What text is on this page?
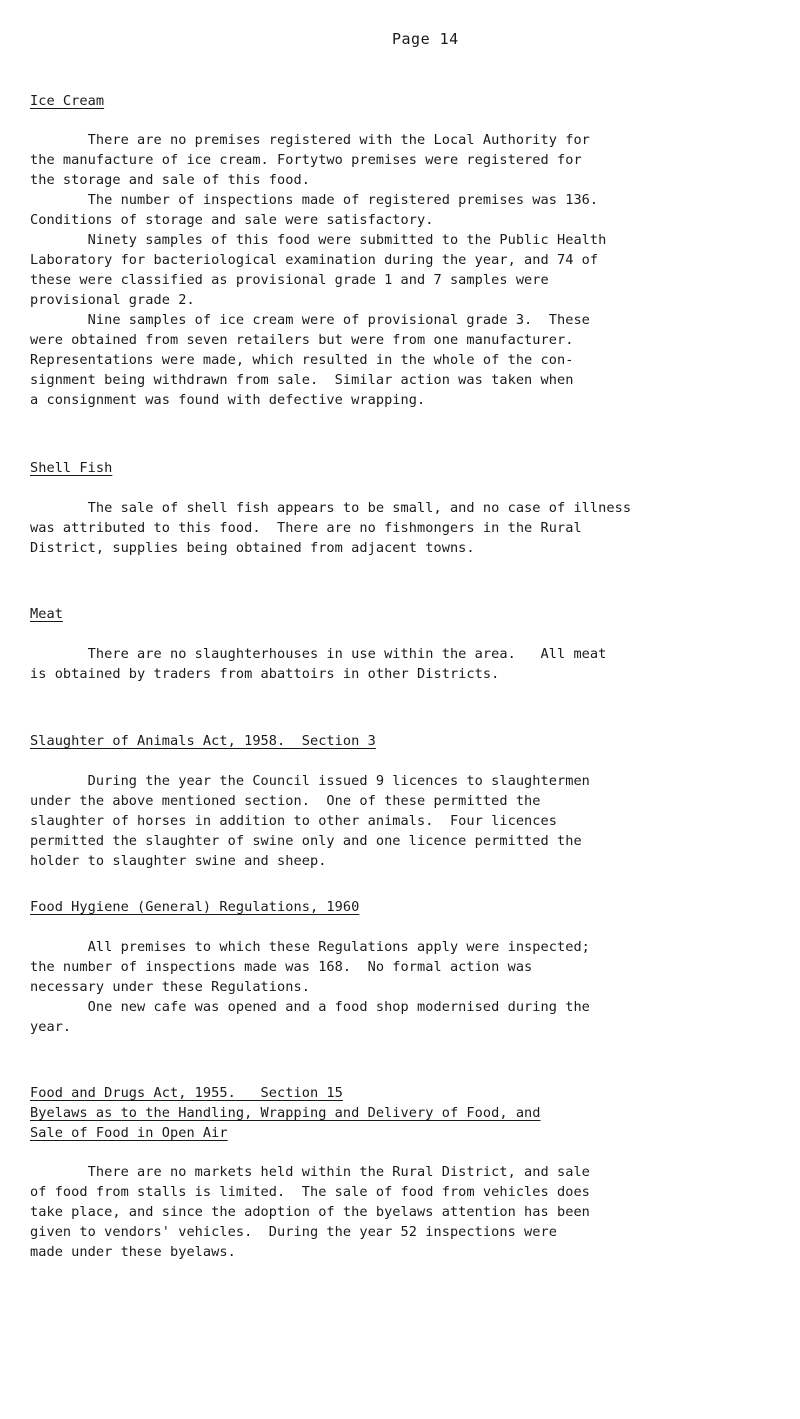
Page 14
Ice Cream
There are no premises registered with the Local Authority for
the manufacture of ice cream. Fortytwo premises were registered for
the storage and sale of this food.
The number of inspections made of registered premises was 136.
Conditions of storage and sale were satisfactory.
Ninety samples of this food were submitted to the Public Health
Laboratory for bacteriological examination during the year, and 74 of
these were classified as provisional grade 1 and 7 samples were
provisional grade 2.
Nine samples of ice cream were of provisional grade 3.  These
were obtained from seven retailers but were from one manufacturer.
Representations were made, which resulted in the whole of the con-
signment being withdrawn from sale.  Similar action was taken when
a consignment was found with defective wrapping.
Shell Fish
The sale of shell fish appears to be small, and no case of illness
was attributed to this food.  There are no fishmongers in the Rural
District, supplies being obtained from adjacent towns.
Meat
There are no slaughterhouses in use within the area.   All meat
is obtained by traders from abattoirs in other Districts.
Slaughter of Animals Act, 1958.  Section 3
During the year the Council issued 9 licences to slaughtermen
under the above mentioned section.  One of these permitted the
slaughter of horses in addition to other animals.  Four licences
permitted the slaughter of swine only and one licence permitted the
holder to slaughter swine and sheep.
Food Hygiene (General) Regulations, 1960
All premises to which these Regulations apply were inspected;
the number of inspections made was 168.  No formal action was
necessary under these Regulations.
One new cafe was opened and a food shop modernised during the
year.
Food and Drugs Act, 1955.   Section 15
Byelaws as to the Handling, Wrapping and Delivery of Food, and
Sale of Food in Open Air
There are no markets held within the Rural District, and sale
of food from stalls is limited.  The sale of food from vehicles does
take place, and since the adoption of the byelaws attention has been
given to vendors' vehicles.  During the year 52 inspections were
made under these byelaws.
